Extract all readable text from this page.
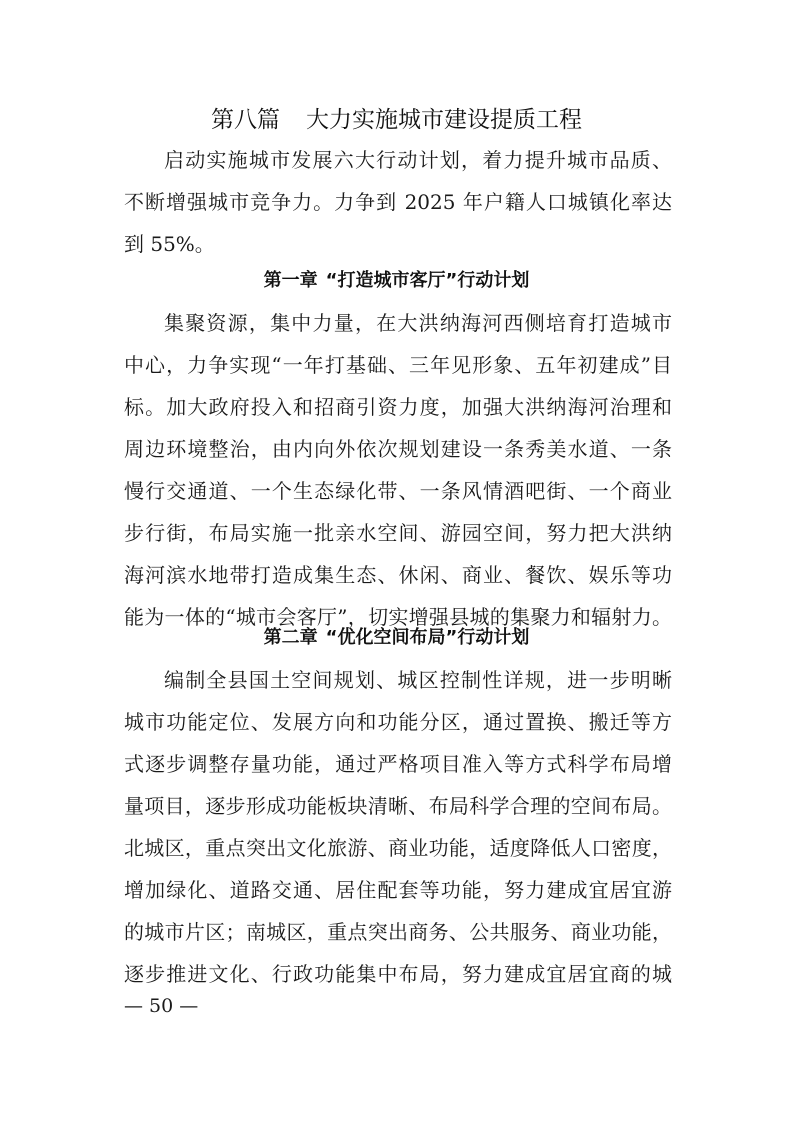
第八篇 大力实施城市建设提质工程
启动实施城市发展六大行动计划，着力提升城市品质、
不断增强城市竞争力。力争到 2025 年户籍人口城镇化率达
到 55%。
第一章 “打造城市客厅”行动计划
集聚资源，集中力量，在大洪纳海河西侧培育打造城市
中心，力争实现“一年打基础、三年见形象、五年初建成”目
标。加大政府投入和招商引资力度，加强大洪纳海河治理和
周边环境整治，由内向外依次规划建设一条秀美水道、一条
慢行交通道、一个生态绿化带、一条风情酒吧街、一个商业
步行街，布局实施一批亲水空间、游园空间，努力把大洪纳
海河滨水地带打造成集生态、休闲、商业、餐饮、娱乐等功
能为一体的“城市会客厅”，切实增强县城的集聚力和辐射力。
第二章 “优化空间布局”行动计划
编制全县国土空间规划、城区控制性详规，进一步明晰
城市功能定位、发展方向和功能分区，通过置换、搬迁等方
式逐步调整存量功能，通过严格项目准入等方式科学布局增
量项目，逐步形成功能板块清晰、布局科学合理的空间布局。
北城区，重点突出文化旅游、商业功能，适度降低人口密度，
增加绿化、道路交通、居住配套等功能，努力建成宜居宜游
的城市片区；南城区，重点突出商务、公共服务、商业功能，
逐步推进文化、行政功能集中布局，努力建成宜居宜商的城
— 50 —
